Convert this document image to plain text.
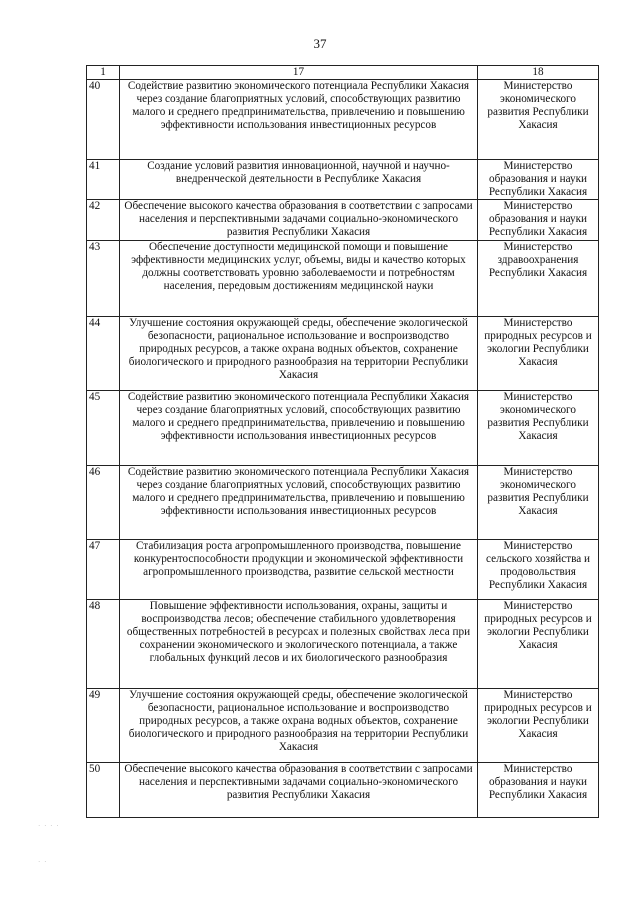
37
1	17	18
40	Содействие развитию экономического потенциала Республики Хакасия через создание благоприятных условий, способствующих развитию малого и среднего предпринимательства, привлечению и повышению эффективности использования инвестиционных ресурсов	Министерство экономического развития Республики Хакасия
41	Создание условий развития инновационной, научной и научно-внедренческой деятельности в Республике Хакасия	Министерство образования и науки Республики Хакасия
42	Обеспечение высокого качества образования в соответствии с запросами населения и перспективными задачами социально-экономического развития Республики Хакасия	Министерство образования и науки Республики Хакасия
43	Обеспечение доступности медицинской помощи и повышение эффективности медицинских услуг, объемы, виды и качество которых должны соответствовать уровню заболеваемости и потребностям населения, передовым достижениям медицинской науки	Министерство здравоохранения Республики Хакасия
44	Улучшение состояния окружающей среды, обеспечение экологической безопасности, рациональное использование и воспроизводство природных ресурсов, а также охрана водных объектов, сохранение биологического и природного разнообразия на территории Республики Хакасия	Министерство природных ресурсов и экологии Республики Хакасия
45	Содействие развитию экономического потенциала Республики Хакасия через создание благоприятных условий, способствующих развитию малого и среднего предпринимательства, привлечению и повышению эффективности использования инвестиционных ресурсов	Министерство экономического развития Республики Хакасия
46	Содействие развитию экономического потенциала Республики Хакасия через создание благоприятных условий, способствующих развитию малого и среднего предпринимательства, привлечению и повышению эффективности использования инвестиционных ресурсов	Министерство экономического развития Республики Хакасия
47	Стабилизация роста агропромышленного производства, повышение конкурентоспособности продукции и экономической эффективности агропромышленного производства, развитие сельской местности	Министерство сельского хозяйства и продовольствия Республики Хакасия
48	Повышение эффективности использования, охраны, защиты и воспроизводства лесов; обеспечение стабильного удовлетворения общественных потребностей в ресурсах и полезных свойствах леса при сохранении экономического и экологического потенциала, а также глобальных функций лесов и их биологического разнообразия	Министерство природных ресурсов и экологии Республики Хакасия
49	Улучшение состояния окружающей среды, обеспечение экологической безопасности, рациональное использование и воспроизводство природных ресурсов, а также охрана водных объектов, сохранение биологического и природного разнообразия на территории Республики Хакасия	Министерство природных ресурсов и экологии Республики Хакасия
50	Обеспечение высокого качества образования в соответствии с запросами населения и перспективными задачами социально-экономического развития Республики Хакасия	Министерство образования и науки Республики Хакасия
· · · ·
· ·
